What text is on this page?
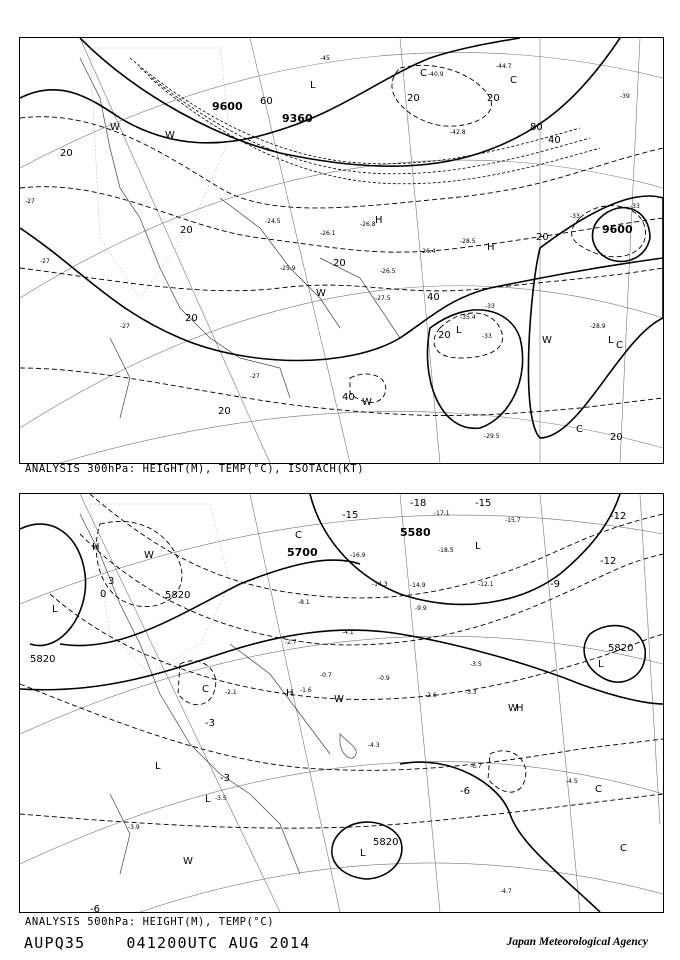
9600
9360
9600
20
20
20
20
20
20	20
40
40
40
60
80
20
20
20
-45
-42.8
-44.7
-40.9
-39
-27
-27
-27
-27
-33
-33
-33
-33
-29.5
-28.9
-35.4
-26.5
-25.9
-26.4
-24.5
-26.1
-26.8
-27.5
-28.5
L
L
L
H
H
W
W
W
W
W
C
C
C
C
ANALYSIS 300hPa: HEIGHT(M), TEMP(°C), ISOTACH(KT)
5700
5580
5820
5820
5820
5820
-15
-18	-15
-12
-12
-9
-6
-6
-3
-3
0
3
-17.1
-15.7
-18.5
-14.9	-12.1
-16.9
-14.3
-9.9
-8.1
-4.1
-3.5
-3.3
-2.7
-0.7	-0.9
-1.6
-2.1
-4.5
-6.7
-4.7
-3.9
-3.5
-4.3
-2.6
H
H
H
L
L
L
L
L
L
W
W
W
W
C
C
C
C
ANALYSIS 500hPa: HEIGHT(M), TEMP(°C)
AUPQ35	041200UTC AUG 2014	Japan Meteorological Agency
